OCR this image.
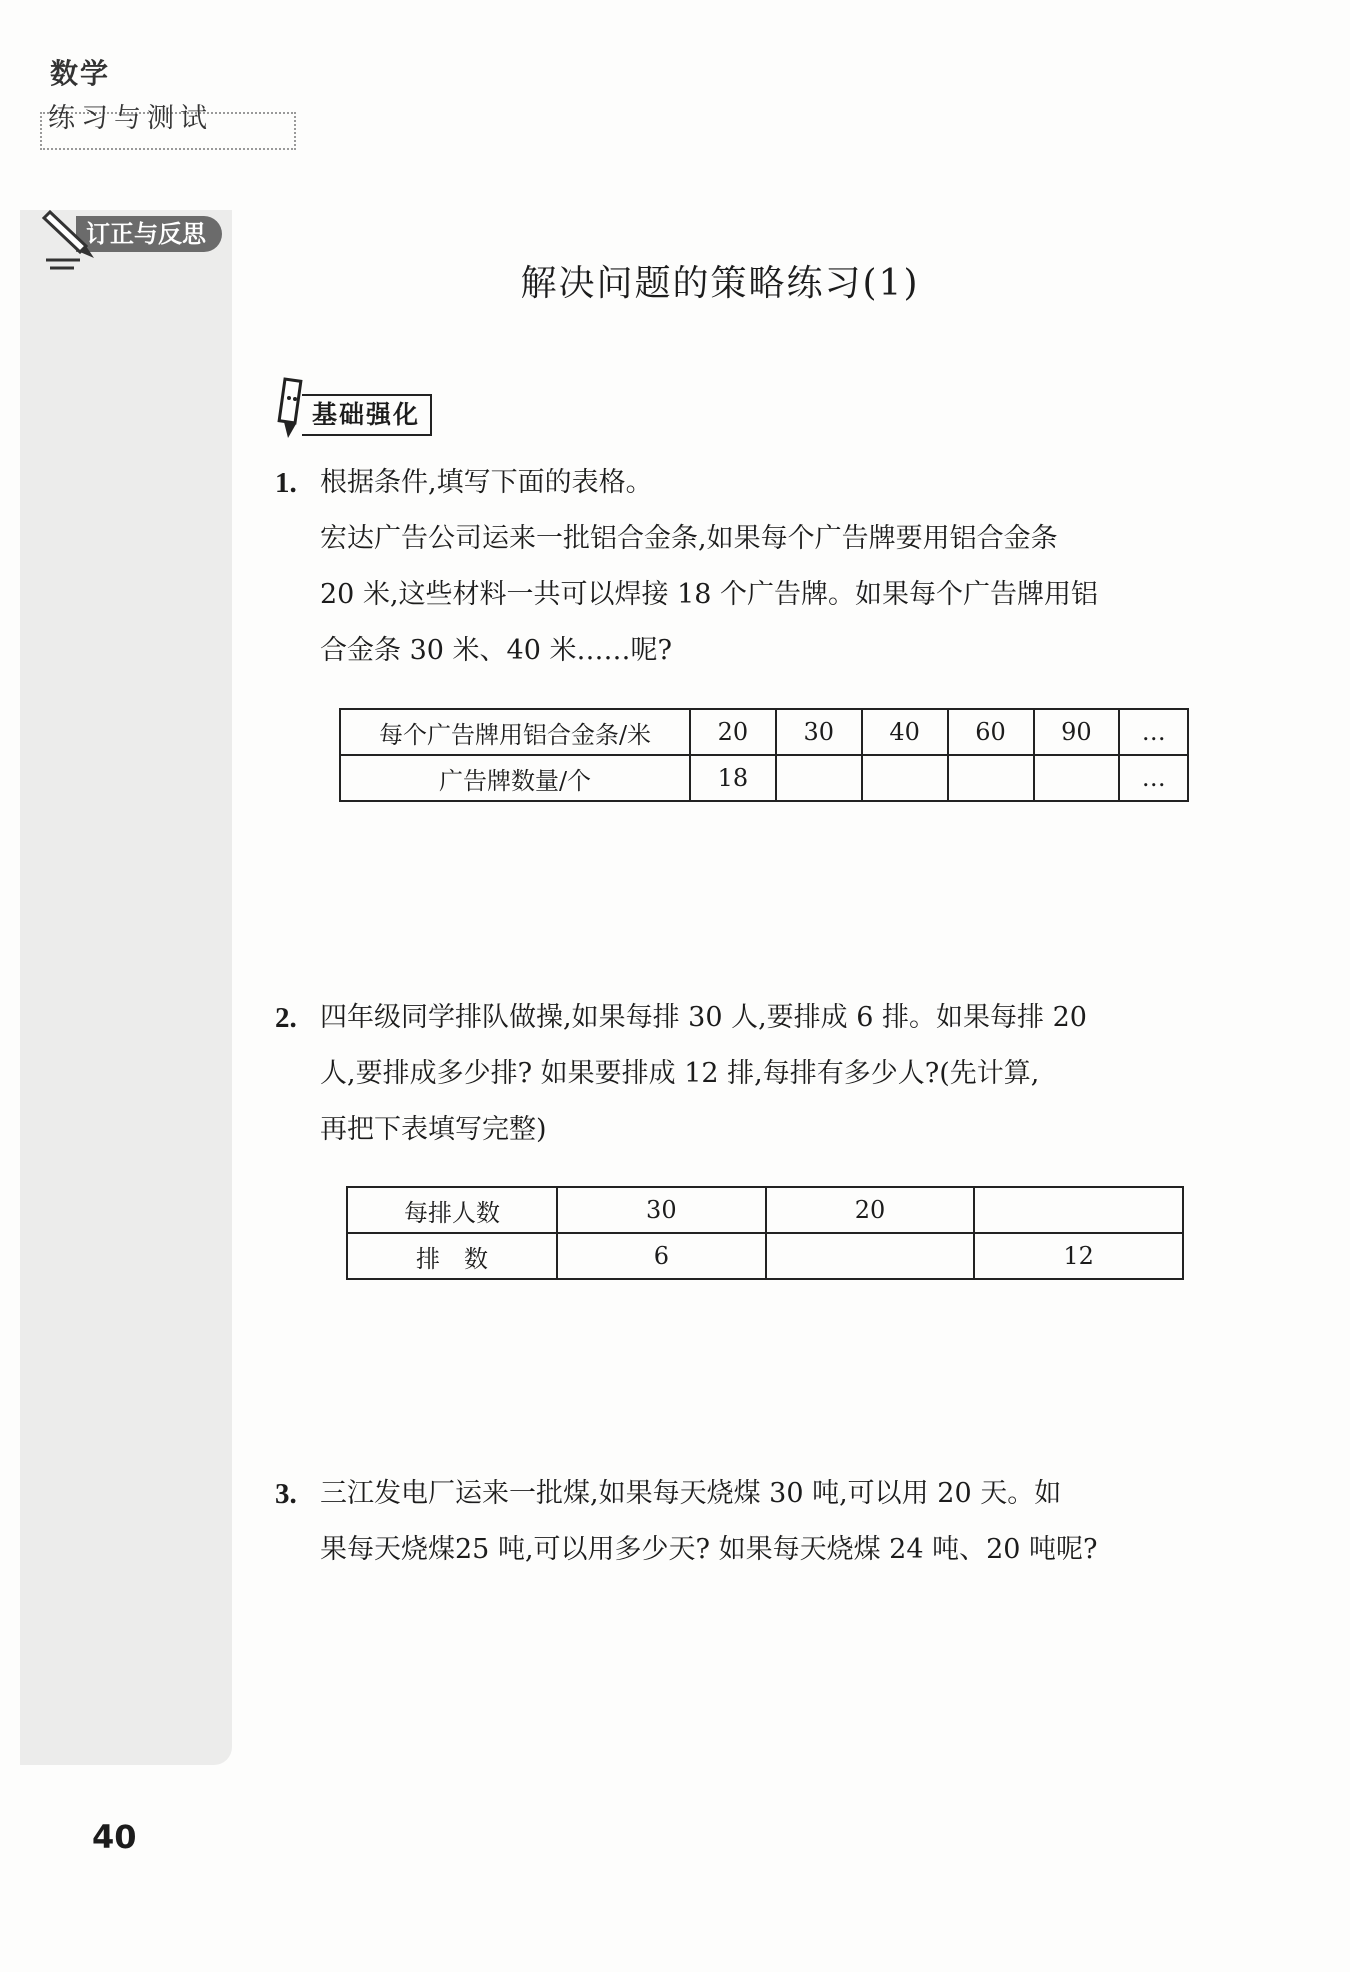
数学
练习与测试
订正与反思
解决问题的策略练习(1)
基础强化
1. 根据条件,填写下面的表格。
宏达广告公司运来一批铝合金条,如果每个广告牌要用铝合金条
20 米,这些材料一共可以焊接 18 个广告牌。如果每个广告牌用铝
合金条 30 米、40 米……呢?
每个广告牌用铝合金条/米	20	30	40	60	90	…
广告牌数量/个	18					…
2. 四年级同学排队做操,如果每排 30 人,要排成 6 排。如果每排 20
人,要排成多少排? 如果要排成 12 排,每排有多少人?(先计算,
再把下表填写完整)
每排人数	30	20	
排　数	6		12
3. 三江发电厂运来一批煤,如果每天烧煤 30 吨,可以用 20 天。如
果每天烧煤25 吨,可以用多少天? 如果每天烧煤 24 吨、20 吨呢?
40
